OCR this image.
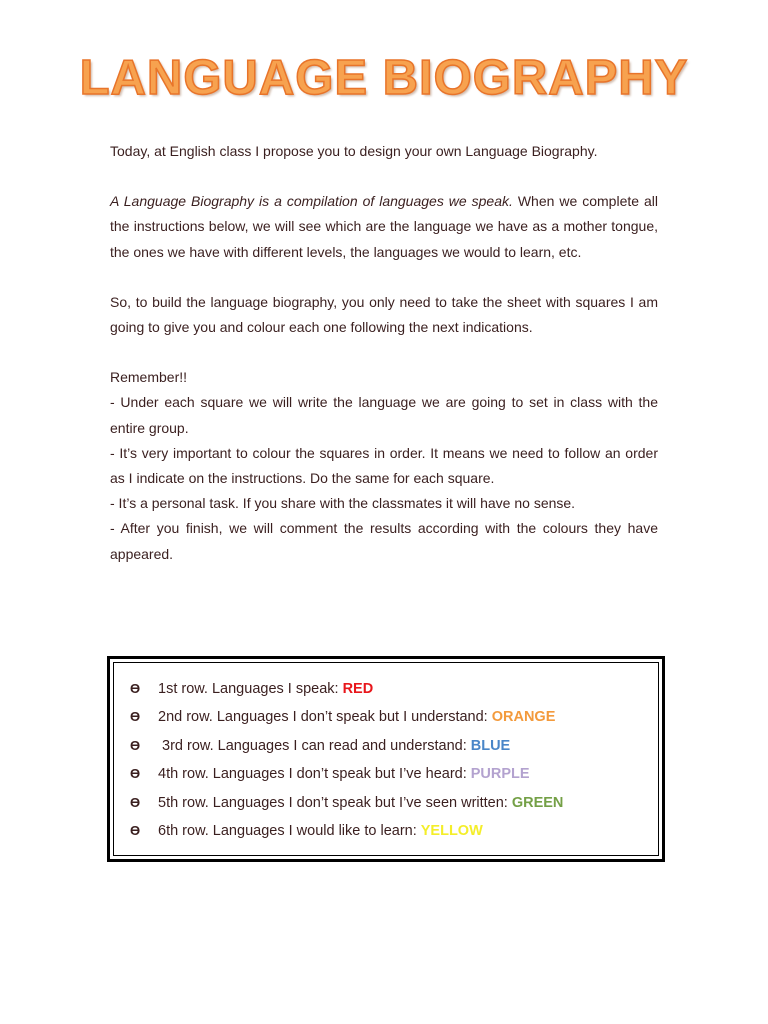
LANGUAGE BIOGRAPHY

Today, at English class I propose you to design your own Language Biography.

A Language Biography is a compilation of languages we speak. When we complete all the instructions below, we will see which are the language we have as a mother tongue, the ones we have with different levels, the languages we would to learn, etc.

So, to build the language biography, you only need to take the sheet with squares I am going to give you and colour each one following the next indications.

Remember!!

- Under each square we will write the language we are going to set in class with the entire group.

- It’s very important to colour the squares in order. It means we need to follow an order as I indicate on the instructions. Do the same for each square.

- It’s a personal task. If you share with the classmates it will have no sense.

- After you finish, we will comment the results according with the colours they have appeared.

ϴ	1st row. Languages I speak: RED
ϴ	2nd row. Languages I don’t speak but I understand: ORANGE
ϴ	3rd row. Languages I can read and understand: BLUE
ϴ	4th row. Languages I don’t speak but I’ve heard: PURPLE
ϴ	5th row. Languages I don’t speak but I’ve seen written: GREEN
ϴ	6th row. Languages I would like to learn: YELLOW
